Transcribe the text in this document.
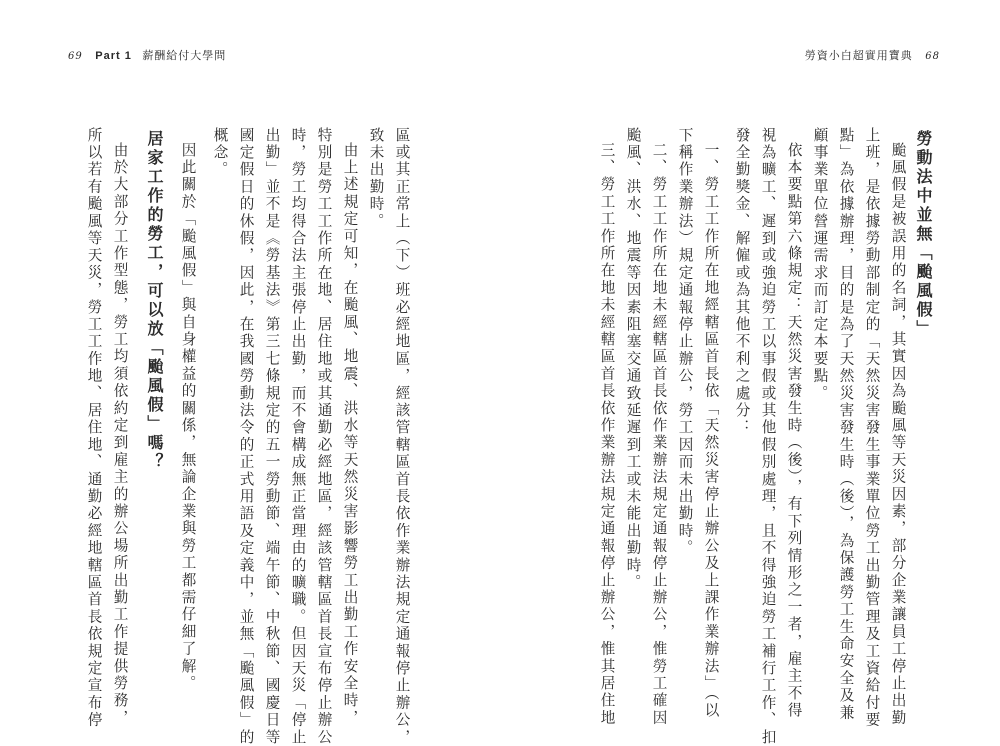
69 Part 1 薪酬給付大學問	勞資小白超實用寶典 68
勞動法中並無「颱風假」
颱風假是被誤用的名詞，其實因為颱風等天災因素，部分企業讓員工停止出勤
上班，是依據勞動部制定的「天然災害發生事業單位勞工出勤管理及工資給付要
點」為依據辦理，目的是為了天然災害發生時（後），為保護勞工生命安全及兼
顧事業單位營運需求而訂定本要點。
依本要點第六條規定：天然災害發生時（後），有下列情形之一者，雇主不得
視為曠工、遲到或強迫勞工以事假或其他假別處理，且不得強迫勞工補行工作、扣
發全勤獎金、解僱或為其他不利之處分：
一、勞工工作所在地經轄區首長依「天然災害停止辦公及上課作業辦法」（以
下稱作業辦法）規定通報停止辦公，勞工因而未出勤時。
二、勞工工作所在地未經轄區首長依作業辦法規定通報停止辦公，惟勞工確因
颱風、洪水、地震等因素阻塞交通致延遲到工或未能出勤時。
三、勞工工作所在地未經轄區首長依作業辦法規定通報停止辦公，惟其居住地
區或其正常上（下）班必經地區，經該管轄區首長依作業辦法規定通報停止辦公，
致未出勤時。
由上述規定可知，在颱風、地震、洪水等天然災害影響勞工出勤工作安全時，
特別是勞工工作所在地、居住地或其通勤必經地區，經該管轄區首長宣布停止辦公
時，勞工均得合法主張停止出勤，而不會構成無正當理由的曠職。但因天災「停止
出勤」並不是《勞基法》第三七條規定的五一勞動節、端午節、中秋節、國慶日等
國定假日的休假，因此，在我國勞動法令的正式用語及定義中，並無「颱風假」的
概念。
因此關於「颱風假」與自身權益的關係，無論企業與勞工都需仔細了解。
居家工作的勞工，可以放「颱風假」嗎？
由於大部分工作型態，勞工均須依約定到雇主的辦公場所出勤工作提供勞務，
所以若有颱風等天災，勞工工作地、居住地、通勤必經地轄區首長依規定宣布停
